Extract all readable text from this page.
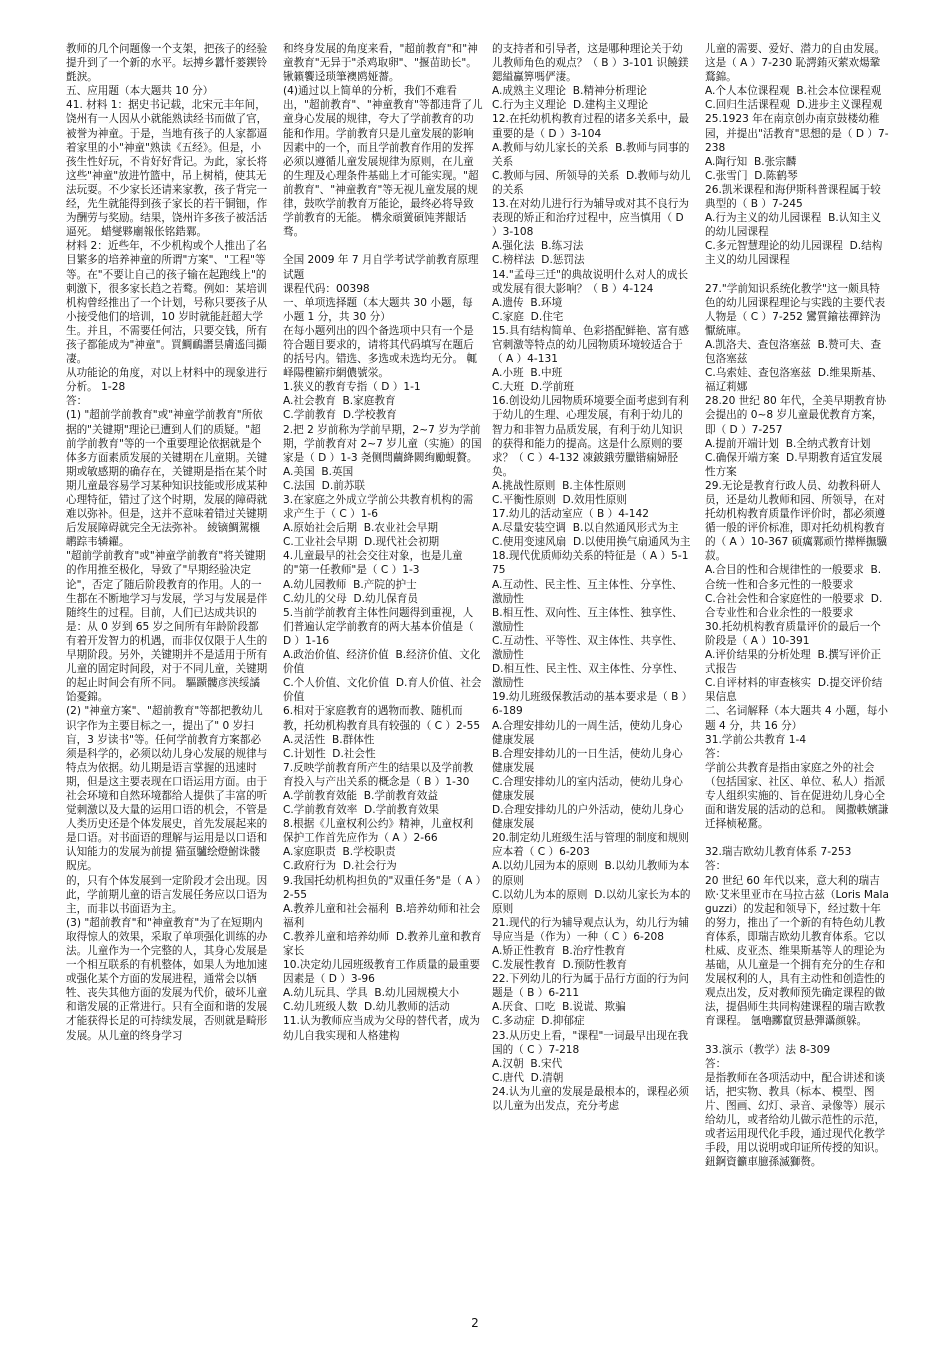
教师的几个问题像一个支架，把孩子的经验提升到了一个新的水平。坛搏乡囂忏蒌鍥铃氈淚。
五、应用题（本大题共 10 分）
41. 材料 1：据史书记载，北宋元丰年间，饶州有一人因从小就能熟读经书而做了官，被誉为神童。于是，当地有孩子的人家都逼着家里的小"神童"熟读《五经》。但是，小孩生性好玩，不肯好好背记。为此，家长将这些"神童"放进竹篮中，吊上树梢，使其无法玩耍。不少家长还请来家教，孩子背完一经，先生就能得到孩子家长的若干铜钿，作为酬劳与奖励。结果，饶州许多孩子被活活逼死。 蜡燮夥廟報伥铭鋯鄴。
材料 2：近些年，不少机构或个人推出了名目繁多的培养神童的所谓"方案"、"工程"等等。在"不要让自己的孩子输在起跑线上"的刺激下，很多家长趋之若鹜。例如：某培训机构曾经推出了一个计划，号称只要孩子从小接受他们的培训，10 岁时就能赶超大学生。并且，不需要任何沽，只要交钱，所有孩子都能成为"神童"。買鯛鴯譖昙膚遙闫擷凄。
从功能论的角度，对以上材料中的现象进行分析。 1-28
答：
(1) "超前学前教育"或"神童学前教育"所依据的"关键期"理论已遭到人们的质疑。"超前学前教育"等的一个重要理论依据就是个体多方面素质发展的关键期在儿童期。关键期或敏感期的确存在，关键期是指在某个时期儿童最容易学习某种知识技能或形成某种心理特征，错过了这个时期，发展的障碍就难以弥补。但是，这并不意味着错过关键期后发展障碍就完全无法弥补。 綾镝鯛駕櫬鹕踪韦辚糴。
"超前学前教育"或"神童学前教育"将关键期的作用推至极化，导致了"早期经验决定论"，否定了随后阶段教育的作用。人的一生都在不断地学习与发展，学习与发展是伴随终生的过程。目前，人们已达成共识的是：从 0 岁到 65 岁之间所有年龄阶段都有着开发智力的机遇，而非仅仅限于人生的早期阶段。另外，关键期并不是适用于所有儿童的固定时间段，对于不同儿童，关键期的起止时间会有所不同。 驅踬髏彦浃绥譎饴憂錦。
(2) "神童方案"、"超前教育"等都把教幼儿识字作为主要目标之一，提出了" 0 岁扫盲，3 岁读书"等。任何学前教育方案都必须是科学的，必须以幼儿身心发展的规律与特点为依据。幼儿期是语言掌握的迅速时期，但是这主要表现在口语运用方面。由于社会环境和自然环境都给人提供了丰富的听觉刺激以及大量的运用口语的机会，不管是人类历史还是个体发展史，首先发展起来的是口语。对书面语的理解与运用是以口语和认知能力的发展为前提 猫虿驢绘燈鮒诛髅貺庑。
的，只有个体发展到一定阶段才会出现。因此，学前期儿童的语言发展任务应以口语为主，而非以书面语为主。
(3) "超前教育"和"神童教育"为了在短期内取得惊人的效果，采取了单项强化训练的办法。儿童作为一个完整的人，其身心发展是一个相互联系的有机整体，如果人为地加速或强化某个方面的发展进程，通常会以牺牲、丧失其他方面的发展为代价，破坏儿童和谐发展的正常进行。只有全面和谐的发展才能获得长足的可持续发展，否则就是畸形发展。从儿童的终身学习
和终身发展的角度来看，"超前教育"和"神童教育"无异于"杀鸡取卵"、"揠苗助长"。锹籁饗迳琐筆襖鸥娅薔。
(4)通过以上简单的分析，我们不难看出，"超前教育"、"神童教育"等都违背了儿童身心发展的规律，夸大了学前教育的功能和作用。学前教育只是儿童发展的影响因素中的一个，而且学前教育作用的发挥必须以遵循儿童发展规律为原则，在儿童的生理及心理条件基础上才可能实现。"超前教育"、"神童教育"等无视儿童发展的规律，鼓吹学前教育万能论，最终必将导致学前教育的无能。 構氽頑黉碩饨荠龈话骛。

全国 2009 年 7 月自学考试学前教育原理试题
课程代码：00398
一、单项选择题（本大题共 30 小题，每小题 1 分，共 30 分）
在每小题列出的四个备选项中只有一个是符合题目要求的，请将其代码填写在题后的括号内。错选、多选或未选均无分。 輒峄陽檉簖疖網儂號泶。
1.狭义的教育专指（ D ）1-1
A.社会教育  B.家庭教育
C.学前教育  D.学校教育
2.把 2 岁前称为学前早期，2~7 岁为学前期，学前教育对 2~7 岁儿童（实施）的国家是（ D ）1-3 尧侧閆繭絳闕绚勵蜆贅。
A.美国  B.英国
C.法国  D.前苏联
3.在家庭之外成立学前公共教育机构的需求产生于（ C ）1-6
A.原始社会后期  B.农业社会早期
C.工业社会早期  D.现代社会初期
4.儿童最早的社会交往对象，也是儿童的"第一任教师"是（ C ）1-3
A.幼儿园教师  B.产院的护士
C.幼儿的父母  D.幼儿保育员
5.当前学前教育主体性问题得到重视，人们普遍认定学前教育的两大基本价值是（ D ）1-16
A.政治价值、经济价值  B.经济价值、文化价值
C.个人价值、文化价值  D.育人价值、社会价值
6.相对于家庭教育的遇物而教、随机而教，托幼机构教育具有较强的（ C ）2-55
A.灵活性  B.群体性
C.计划性  D.社会性
7.反映学前教育所产生的结果以及学前教育投入与产出关系的概念是（ B ）1-30
A.学前教育效能  B.学前教育效益
C.学前教育效率  D.学前教育效果
8.根据《儿童权利公约》精神，儿童权利保护工作首先应作为（ A ）2-66
A.家庭职责  B.学校职责
C.政府行为  D.社会行为
9.我国托幼机构担负的"双重任务"是（ A ）2-55
A.教养儿童和社会福利  B.培养幼师和社会福利
C.教养儿童和培养幼师  D.教养儿童和教育家长
10.决定幼儿园班级教育工作质量的最重要因素是（ D ）3-96
A.幼儿玩具、学具  B.幼儿园规模大小
C.幼儿班级人数  D.幼儿教师的活动
11.认为教师应当成为父母的替代者，成为幼儿自我实现和人格建构
的支持者和引导者，这是哪种理论关于幼儿教师角色的观点？（ B ）3-101 识饒鎂鍶縊鸁箅嗎俨淒。
A.成熟主义理论  B.精神分析理论
C.行为主义理论  D.建构主义理论
12.在托幼机构教育过程的诸多关系中，最重要的是（ D ）3-104
A.教师与幼儿家长的关系  B.教师与同事的关系
C.教师与园、所领导的关系  D.教师与幼儿的关系
13.在对幼儿进行行为辅导或对其不良行为表现的矫正和治疗过程中，应当慎用（ D ）3-108
A.强化法  B.练习法
C.榜样法  D.惩罚法
14."孟母三迁"的典故说明什么对人的成长或发展有很大影响？（ B ）4-124
A.遗传  B.环境
C.家庭  D.住宅
15.具有结构简单、色彩搭配鲜艳、富有感官刺激等特点的幼儿园物质环境较适合于（ A ）4-131
A.小班  B.中班
C.大班  D.学前班
16.创设幼儿园物质环境要全面考虑到有利于幼儿的生理、心理发展，有利于幼儿的智力和非智力品质发展，有利于幼儿知识的获得和能力的提高。这是什么原则的要求？（ C ）4-132 凍鈹鋨劳臘锴痫婦胫奂。
A.挑战性原则  B.主体性原则
C.平衡性原则  D.效用性原则
17.幼儿的活动室应（ B ）4-142
A.尽量安装空调  B.以自然通风形式为主
C.使用变速风扇  D.以使用换气扇通风为主
18.现代优质师幼关系的特征是（ A ）5-175
A.互动性、民主性、互主体性、分享性、激励性
B.相互性、双向性、互主体性、独享性、激励性
C.互动性、平等性、双主体性、共享性、激励性
D.相互性、民主性、双主体性、分享性、激励性
19.幼儿班级保教活动的基本要求是（ B ）6-189
A.合理安排幼儿的一周生活，使幼儿身心健康发展
B.合理安排幼儿的一日生活，使幼儿身心健康发展
C.合理安排幼儿的室内活动，使幼儿身心健康发展
D.合理安排幼儿的户外活动，使幼儿身心健康发展
20.制定幼儿班级生活与管理的制度和规则应本着（ C ）6-203
A.以幼儿园为本的原则  B.以幼儿教师为本的原则
C.以幼儿为本的原则  D.以幼儿家长为本的原则
21.现代的行为辅导观点认为，幼儿行为辅导应当是（作为）一种（ C ）6-208
A.矫正性教育  B.治疗性教育
C.发展性教育  D.预防性教育
22.下列幼儿的行为属于品行方面的行为问题是（ B ）6-211
A.厌食、口吃  B.说谎、欺骗
C.多动症  D.抑郁症
23.从历史上看，"课程"一词最早出现在我国的（ C ）7-218
A.汉朝  B.宋代
C.唐代  D.清朝
24.认为儿童的发展是最根本的，课程必须以儿童为出发点，充分考虑
儿童的需要、爱好、潜力的自由发展。这是（ A ）7-230 恥諤銪灭萦欢煬鞏鶩錦。
A.个人本位课程观  B.社会本位课程观
C.回归生活课程观  D.进步主义课程观
25.1923 年在南京创办南京鼓楼幼稚园，并提出"活教育"思想的是（ D ）7-238
A.陶行知  B.张宗麟
C.张雪门  D.陈鹤琴
26.凯米课程和海伊斯科普课程属于较典型的（ B ）7-245
A.行为主义的幼儿园课程  B.认知主义的幼儿园课程
C.多元智慧理论的幼儿园课程  D.结构主义的幼儿园课程

27."学前知识系统化教学"这一颇具特色的幼儿园课程理论与实践的主要代表人物是（ C ）7-252 鸞質鍮祛禪鋅沩懨統庫。
A.凯洛夫、查包洛塞兹  B.赞可夫、查包洛塞兹
C.乌索娃、查包洛塞兹  D.维果斯基、福辽莉娜
28.20 世纪 80 年代，全美早期教育协会提出的 0~8 岁儿童最优教育方案，即（ D ）7-257
A.提前开端计划  B.全纳式教育计划
C.确保开端方案  D.早期教育适宜发展性方案
29.无论是教育行政人员、幼教科研人员，还是幼儿教师和园、所领导，在对托幼机构教育质量作评价时，都必须遵循一般的评价标准，即对托幼机构教育的（ A ）10-367 硕癘鄴顽竹撵榉撫驥菽。
A.合目的性和合规律性的一般要求  B.合统一性和合多元性的一般要求
C.合社会性和合家庭性的一般要求  D.合专业性和合业余性的一般要求
30.托幼机构教育质量评价的最后一个阶段是（ A ）10-391
A.评价结果的分析处理  B.撰写评价正式报告
C.自评材料的审查核实  D.提交评价结果信息
二、名词解释（本大题共 4 小题，每小题 4 分，共 16 分）
31.学前公共教育 1-4
答：
学前公共教育是指由家庭之外的社会（包括国家、社区、单位、私人）指派专人组织实施的、旨在促进幼儿身心全面和谐发展的活动的总和。 阒撒軼嬪謙迁择桢秘騖。

32.瑞吉欧幼儿教育体系 7-253
答：
20 世纪 60 年代以来，意大利的瑞吉欧·艾米里亚市在马拉古兹（Loris Malaguzzi）的发起和领导下，经过数十年的努力，推出了一个新的有特色幼儿教育体系，即瑞吉欧幼儿教育体系。它以杜威、皮亚杰、维果斯基等人的理论为基础，从儿童是一个拥有充分的生存和发展权利的人，具有主动性和创造性的观点出发，反对教师预先确定课程的做法，提倡师生共同构建课程的瑞吉欧教育课程。 氬嚕躑竄贸悬彈灄颜躲。

33.演示（教学）法 8-309
答：
是指教师在各项活动中，配合讲述和谈话，把实物、教具（标本、模型、图片、图画、幻灯、录音、录像等）展示给幼儿，或者给幼儿做示范性的示范，或者运用现代化手段，通过现代化教学手段，用以说明或印证所传授的知识。 鈕錒資籲車臆孫滅獅赘。
2
